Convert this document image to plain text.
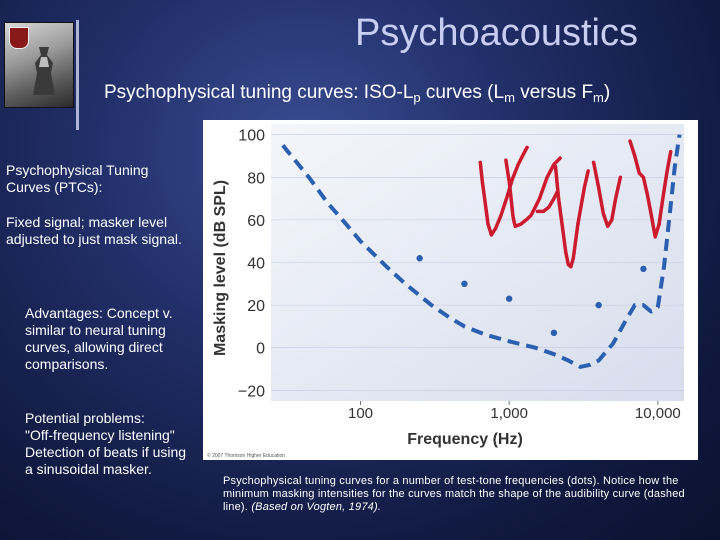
Psychoacoustics
Psychophysical tuning curves: ISO-$L_p$ curves ($L_m$ versus $F_m$)
Psychophysical Tuning Curves (PTCs):
Fixed signal; masker level adjusted to just mask signal.
Advantages: Concept v. similar to neural tuning curves, allowing direct comparisons.
Potential problems:
"Off-frequency listening"
Detection of beats if using a sinusoidal masker.
−20
0
20
40
60
80
100
100	1,000	10,000
Masking level (dB SPL)
Frequency (Hz)
© 2007 Thomson Higher Education
Psychophysical tuning curves for a number of test-tone frequencies (dots). Notice how the minimum masking intensities for the curves match the shape of the audibility curve (dashed line). (Based on Vogten, 1974).
